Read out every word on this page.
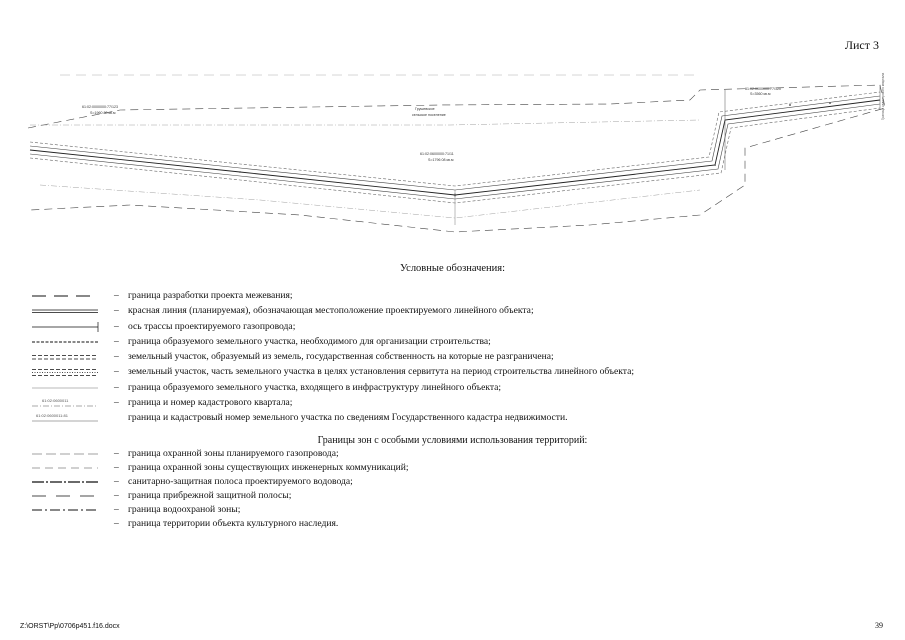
Лист 3
61:02:0000000:77/123
S=1960 80 кв.м
61:02:0600000:71/11
S=1796 08 кв.м
61:02:0000000:77/120
S=3560 кв.м
Грушевское
сельское поселение	Граница кадастрового квартала
Условные обозначения:
– граница разработки проекта межевания;
– красная линия (планируемая), обозначающая местоположение проектируемого линейного объекта;
– ось трассы проектируемого газопровода;
– граница образуемого земельного участка, необходимого для организации строительства;
– земельный участок, образуемый из земель, государственная собственность на которые не разграничена;
– земельный участок, часть земельного участка в целях установления сервитута на период строительства линейного объекта;
– граница образуемого земельного участка, входящего в инфраструктуру линейного объекта;
61:02:0600011	– граница и номер кадастрового квартала;
61:02:0600011:81	граница и кадастровый номер земельного участка по сведениям Государственного кадастра недвижимости.
Границы зон с особыми условиями использования территорий:
– граница охранной зоны планируемого газопровода;
– граница охранной зоны существующих инженерных коммуникаций;
– санитарно-защитная полоса проектируемого водовода;
– граница прибрежной защитной полосы;
– граница водоохраной зоны;
– граница территории объекта культурного наследия.
Z:\ORST\Pp\0706p451.f16.docx	39
